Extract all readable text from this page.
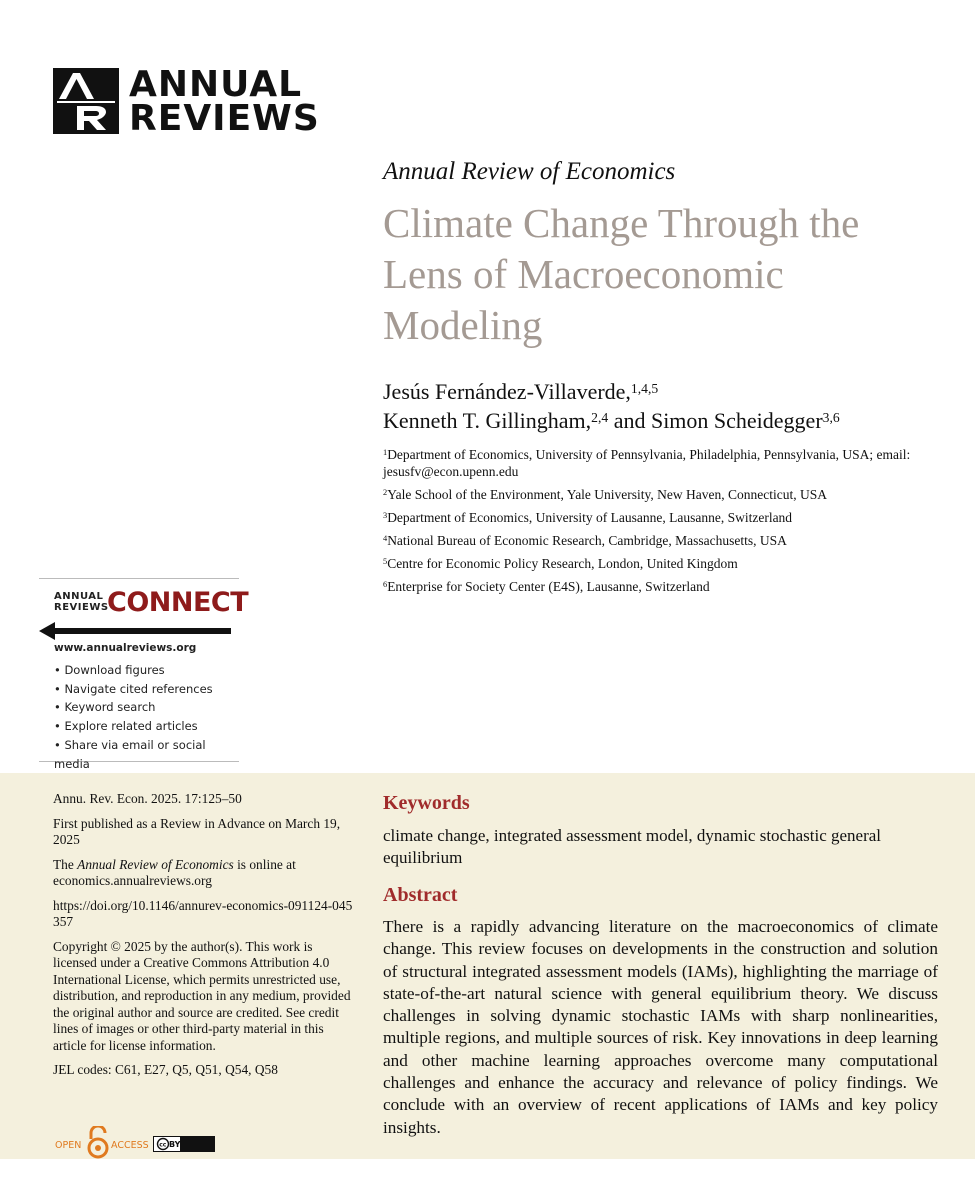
ANNUAL
REVIEWS
Annual Review of Economics
Climate Change Through the Lens of Macroeconomic Modeling
Jesús Fernández-Villaverde,$^{1,4,5}$
Kenneth T. Gillingham,$^{2,4}$ and Simon Scheidegger$^{3,6}$
$^1$Department of Economics, University of Pennsylvania, Philadelphia, Pennsylvania, USA; email: jesusfv@econ.upenn.edu
$^2$Yale School of the Environment, Yale University, New Haven, Connecticut, USA
$^3$Department of Economics, University of Lausanne, Lausanne, Switzerland
$^4$National Bureau of Economic Research, Cambridge, Massachusetts, USA
$^5$Centre for Economic Policy Research, London, United Kingdom
$^6$Enterprise for Society Center (E4S), Lausanne, Switzerland
ANNUAL
REVIEWS
CONNECT
www.annualreviews.org
• Download figures
• Navigate cited references
• Keyword search
• Explore related articles
• Share via email or social media

Annu. Rev. Econ. 2025. 17:125–50

First published as a Review in Advance on March 19, 2025

The Annual Review of Economics is online at economics.annualreviews.org

https://doi.org/10.1146/annurev-economics-091124-045357

Copyright © 2025 by the author(s). This work is licensed under a Creative Commons Attribution 4.0 International License, which permits unrestricted use, distribution, and reproduction in any medium, provided the original author and source are credited. See credit lines of images or other third-party material in this article for license information.

JEL codes: C61, E27, Q5, Q51, Q54, Q58

OPEN	ACCESS cc BY
Keywords
climate change, integrated assessment model, dynamic stochastic general equilibrium
Abstract
There is a rapidly advancing literature on the macroeconomics of climate change. This review focuses on developments in the construction and solution of structural integrated assessment models (IAMs), highlighting the marriage of state-of-the-art natural science with general equilibrium theory. We discuss challenges in solving dynamic stochastic IAMs with sharp nonlinearities, multiple regions, and multiple sources of risk. Key innovations in deep learning and other machine learning approaches overcome many computational challenges and enhance the accuracy and relevance of policy findings. We conclude with an overview of recent applications of IAMs and key policy insights.
